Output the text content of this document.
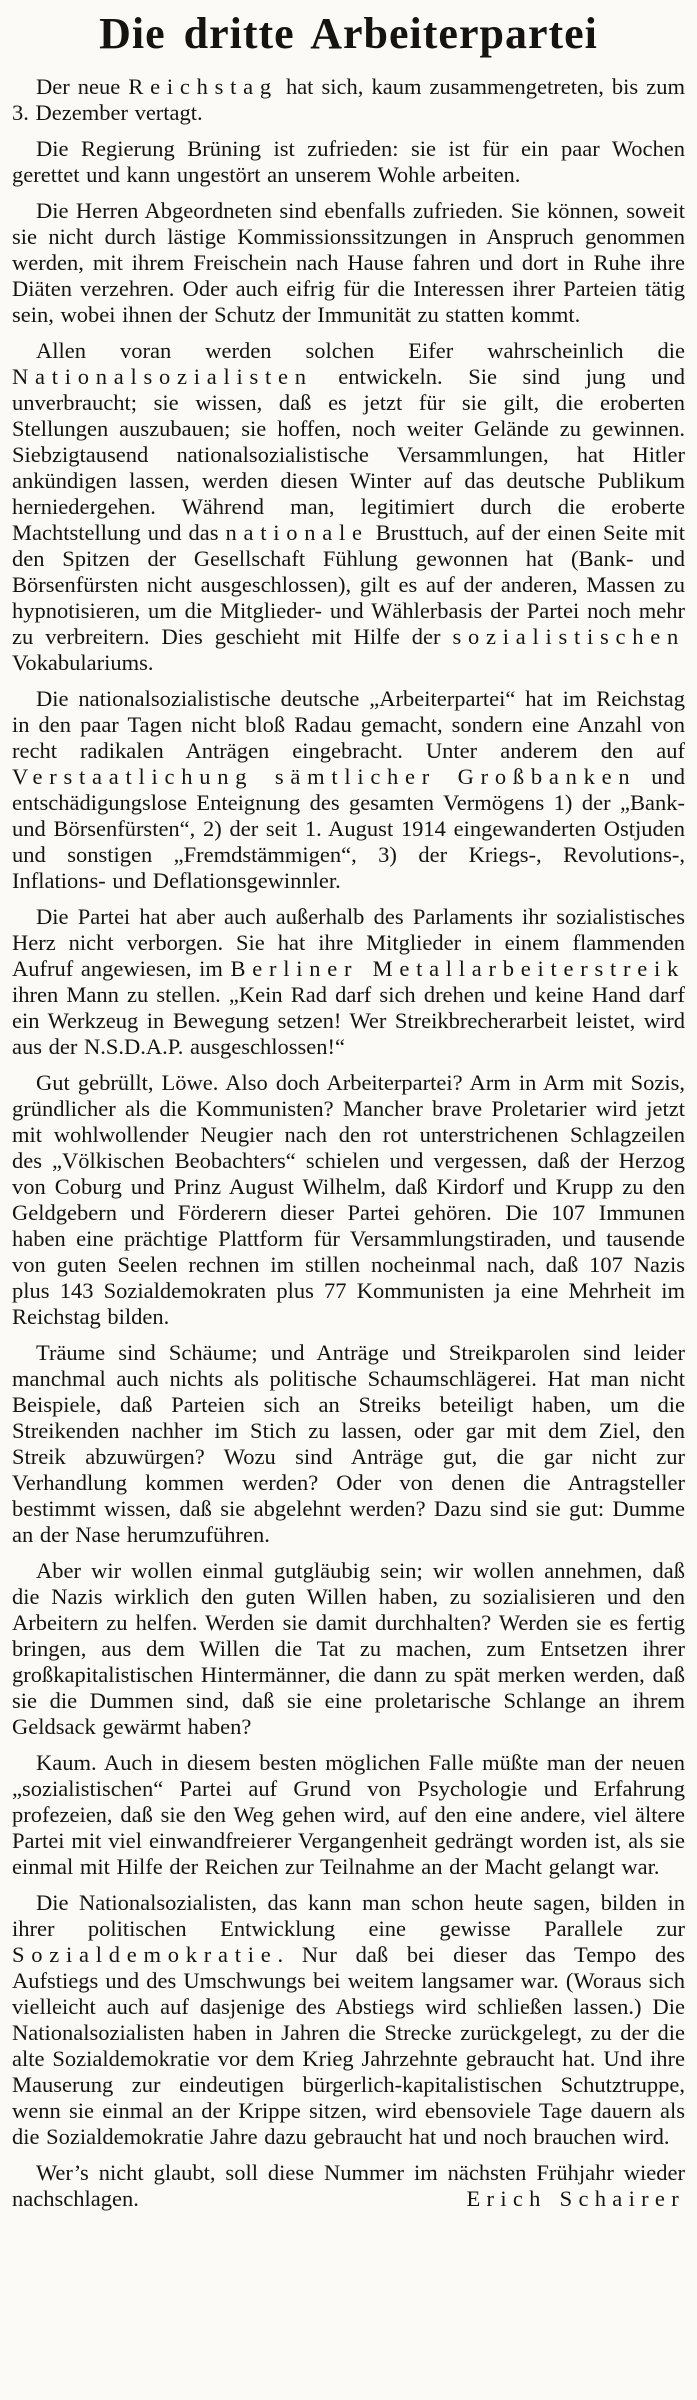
Die dritte Arbeiterpartei

Der neue Reichstag hat sich, kaum zusammengetreten, bis zum 3. Dezember vertagt.

Die Regierung Brüning ist zufrieden: sie ist für ein paar Wochen gerettet und kann ungestört an unserem Wohle arbeiten.

Die Herren Abgeordneten sind ebenfalls zufrieden. Sie können, soweit sie nicht durch lästige Kommissionssitzungen in Anspruch genommen werden, mit ihrem Freischein nach Hause fahren und dort in Ruhe ihre Diäten verzehren. Oder auch eifrig für die Interessen ihrer Parteien tätig sein, wobei ihnen der Schutz der Immunität zu statten kommt.

Allen voran werden solchen Eifer wahrscheinlich die Nationalsozialisten entwickeln. Sie sind jung und unverbraucht; sie wissen, daß es jetzt für sie gilt, die eroberten Stellungen auszubauen; sie hoffen, noch weiter Gelände zu gewinnen. Siebzigtausend nationalsozialistische Versammlungen, hat Hitler ankündigen lassen, werden diesen Winter auf das deutsche Publikum herniedergehen. Während man, legitimiert durch die eroberte Machtstellung und das nationale Brusttuch, auf der einen Seite mit den Spitzen der Gesellschaft Fühlung gewonnen hat (Bank- und Börsenfürsten nicht ausgeschlossen), gilt es auf der anderen, Massen zu hypnotisieren, um die Mitglieder- und Wählerbasis der Partei noch mehr zu verbreitern. Dies geschieht mit Hilfe der sozialistischen Vokabulariums.

Die nationalsozialistische deutsche „Arbeiterpartei“ hat im Reichstag in den paar Tagen nicht bloß Radau gemacht, sondern eine Anzahl von recht radikalen Anträgen eingebracht. Unter anderem den auf Verstaatlichung sämtlicher Großbanken und entschädigungslose Enteignung des gesamten Vermögens 1) der „Bank- und Börsenfürsten“, 2) der seit 1. August 1914 eingewanderten Ostjuden und sonstigen „Fremdstämmigen“, 3) der Kriegs-, Revolutions-, Inflations- und Deflationsgewinnler.

Die Partei hat aber auch außerhalb des Parlaments ihr sozialistisches Herz nicht verborgen. Sie hat ihre Mitglieder in einem flammenden Aufruf angewiesen, im Berliner Metallarbeiterstreik ihren Mann zu stellen. „Kein Rad darf sich drehen und keine Hand darf ein Werkzeug in Bewegung setzen! Wer Streikbrecherarbeit leistet, wird aus der N.S.D.A.P. ausgeschlossen!“

Gut gebrüllt, Löwe. Also doch Arbeiterpartei? Arm in Arm mit Sozis, gründlicher als die Kommunisten? Mancher brave Proletarier wird jetzt mit wohlwollender Neugier nach den rot unterstrichenen Schlagzeilen des „Völkischen Beobachters“ schielen und vergessen, daß der Herzog von Coburg und Prinz August Wilhelm, daß Kirdorf und Krupp zu den Geldgebern und Förderern dieser Partei gehören. Die 107 Immunen haben eine prächtige Plattform für Versammlungstiraden, und tausende von guten Seelen rechnen im stillen nocheinmal nach, daß 107 Nazis plus 143 Sozialdemokraten plus 77 Kommunisten ja eine Mehrheit im Reichstag bilden.

Träume sind Schäume; und Anträge und Streikparolen sind leider manchmal auch nichts als politische Schaumschlägerei. Hat man nicht Beispiele, daß Parteien sich an Streiks beteiligt haben, um die Streikenden nachher im Stich zu lassen, oder gar mit dem Ziel, den Streik abzuwürgen? Wozu sind Anträge gut, die gar nicht zur Verhandlung kommen werden? Oder von denen die Antragsteller bestimmt wissen, daß sie abgelehnt werden? Dazu sind sie gut: Dumme an der Nase herumzuführen.

Aber wir wollen einmal gutgläubig sein; wir wollen annehmen, daß die Nazis wirklich den guten Willen haben, zu sozialisieren und den Arbeitern zu helfen. Werden sie damit durchhalten? Werden sie es fertig bringen, aus dem Willen die Tat zu machen, zum Entsetzen ihrer großkapitalistischen Hintermänner, die dann zu spät merken werden, daß sie die Dummen sind, daß sie eine proletarische Schlange an ihrem Geldsack gewärmt haben?

Kaum. Auch in diesem besten möglichen Falle müßte man der neuen „sozialistischen“ Partei auf Grund von Psychologie und Erfahrung profezeien, daß sie den Weg gehen wird, auf den eine andere, viel ältere Partei mit viel einwandfreierer Vergangenheit gedrängt worden ist, als sie einmal mit Hilfe der Reichen zur Teilnahme an der Macht gelangt war.

Die Nationalsozialisten, das kann man schon heute sagen, bilden in ihrer politischen Entwicklung eine gewisse Parallele zur Sozialdemokratie. Nur daß bei dieser das Tempo des Aufstiegs und des Umschwungs bei weitem langsamer war. (Woraus sich vielleicht auch auf dasjenige des Abstiegs wird schließen lassen.) Die Nationalsozialisten haben in Jahren die Strecke zurückgelegt, zu der die alte Sozialdemokratie vor dem Krieg Jahrzehnte gebraucht hat. Und ihre Mauserung zur eindeutigen bürgerlich-kapitalistischen Schutztruppe, wenn sie einmal an der Krippe sitzen, wird ebensoviele Tage dauern als die Sozialdemokratie Jahre dazu gebraucht hat und noch brauchen wird.

Wer’s nicht glaubt, soll diese Nummer im nächsten Frühjahr wieder nachschlagen.	Erich Schairer
